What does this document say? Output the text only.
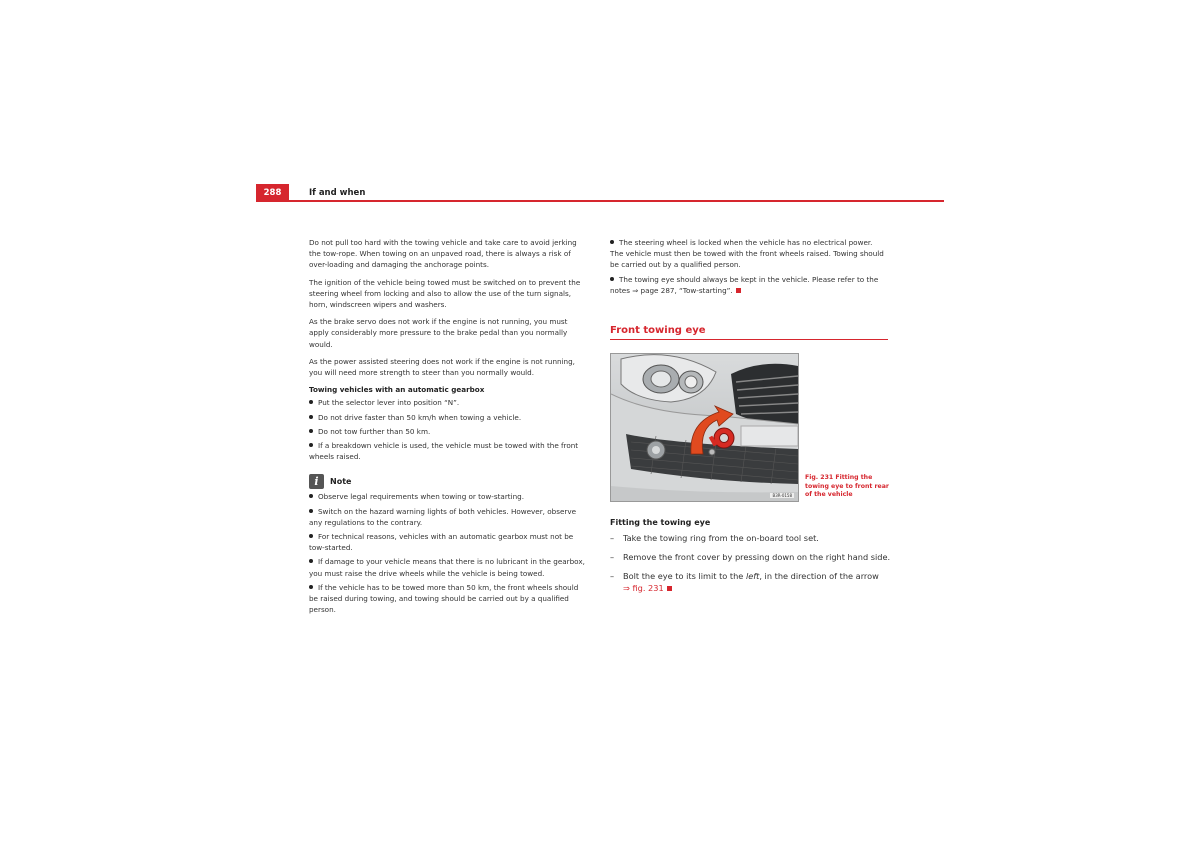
288	If and when

Do not pull too hard with the towing vehicle and take care to avoid jerking the tow-rope. When towing on an unpaved road, there is always a risk of over-loading and damaging the anchorage points.

The ignition of the vehicle being towed must be switched on to prevent the steering wheel from locking and also to allow the use of the turn signals, horn, windscreen wipers and washers.

As the brake servo does not work if the engine is not running, you must apply considerably more pressure to the brake pedal than you normally would.

As the power assisted steering does not work if the engine is not running, you will need more strength to steer than you normally would.

Towing vehicles with an automatic gearbox
Put the selector lever into position “N”.
Do not drive faster than 50 km/h when towing a vehicle.
Do not tow further than 50 km.
If a breakdown vehicle is used, the vehicle must be towed with the front wheels raised.
i	Note
Observe legal requirements when towing or tow-starting.
Switch on the hazard warning lights of both vehicles. However, observe any regulations to the contrary.
For technical reasons, vehicles with an automatic gearbox must not be tow-started.
If damage to your vehicle means that there is no lubricant in the gearbox, you must raise the drive wheels while the vehicle is being towed.
If the vehicle has to be towed more than 50 km, the front wheels should be raised during towing, and towing should be carried out by a qualified person.
The steering wheel is locked when the vehicle has no electrical power. The vehicle must then be towed with the front wheels raised. Towing should be carried out by a qualified person.
The towing eye should always be kept in the vehicle. Please refer to the notes ⇒ page 287, “Tow-starting”.
Front towing eye
B3R-0158
Fig. 231 Fitting the towing eye to front rear of the vehicle
Fitting the towing eye
–	Take the towing ring from the on-board tool set.
–	Remove the front cover by pressing down on the right hand side.
–	Bolt the eye to its limit to the left, in the direction of the arrow
⇒ fig. 231
